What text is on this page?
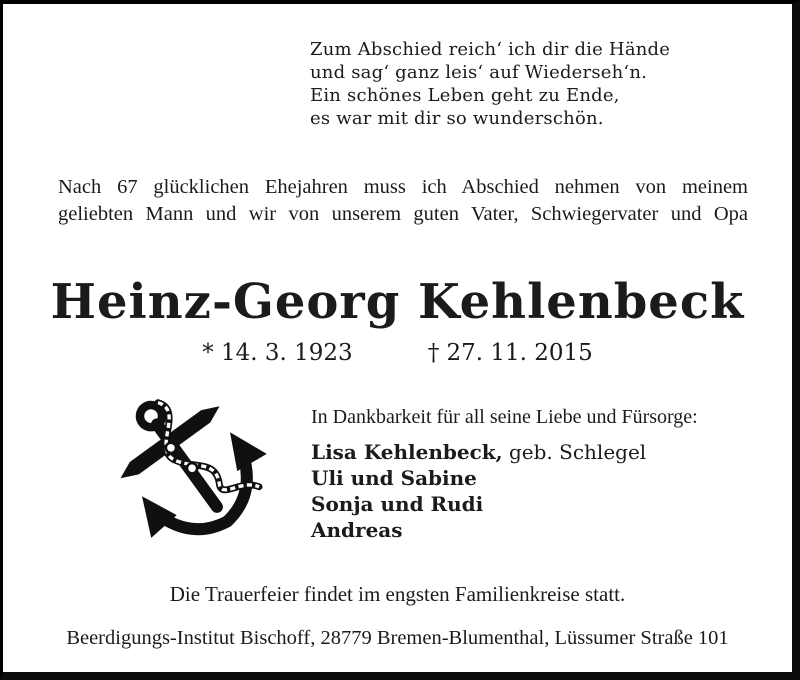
Zum Abschied reich‘ ich dir die Hände
und sag‘ ganz leis‘ auf Wiederseh‘n.
Ein schönes Leben geht zu Ende,
es war mit dir so wunderschön.
Nach 67 glücklichen Ehejahren muss ich Abschied nehmen von meinem
geliebten Mann und wir von unserem guten Vater, Schwiegervater und Opa
Heinz-Georg Kehlenbeck
* 14. 3. 1923	† 27. 11. 2015
In Dankbarkeit für all seine Liebe und Fürsorge:
Lisa Kehlenbeck, geb. Schlegel
Uli und Sabine
Sonja und Rudi
Andreas
Die Trauerfeier findet im engsten Familienkreise statt.
Beerdigungs-Institut Bischoff, 28779 Bremen-Blumenthal, Lüssumer Straße 101
